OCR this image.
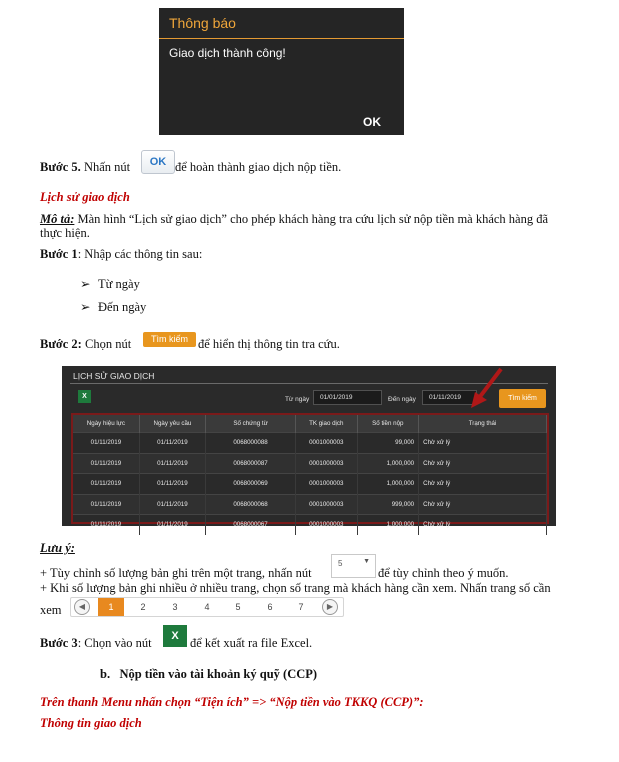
Thông báo
Giao dịch thành công!
OK
Bước 5. Nhấn nút	OK để hoàn thành giao dịch nộp tiền.
Lịch sử giao dịch
Mô tả: Màn hình “Lịch sử giao dịch” cho phép khách hàng tra cứu lịch sử nộp tiền mà khách hàng đã
thực hiện.
Bước 1: Nhập các thông tin sau:
➢ Từ ngày
➢ Đến ngày
Bước 2: Chọn nút	Tìm kiếm để hiển thị thông tin tra cứu.
LỊCH SỬ GIAO DỊCH
X	Từ ngày	01/01/2019	Đến ngày	01/11/2019	Tìm kiếm
Ngày hiệu lực	Ngày yêu cầu	Số chứng từ	TK giao dịch	Số tiền nộp	Trạng thái
01/11/2019	01/11/2019	0068000088	0001000003	99,000	Chờ xử lý
01/11/2019	01/11/2019	0068000087	0001000003	1,000,000	Chờ xử lý
01/11/2019	01/11/2019	0068000069	0001000003	1,000,000	Chờ xử lý
01/11/2019	01/11/2019	0068000068	0001000003	999,000	Chờ xử lý
01/11/2019	01/11/2019	0068000067	0001000003	1,000,000	Chờ xử lý
Lưu ý:
+ Tùy chỉnh số lượng bản ghi trên một trang, nhấn nút
5	▼
để tùy chỉnh theo ý muốn.
+ Khi số lượng bản ghi nhiều ở nhiều trang, chọn số trang mà khách hàng cần xem. Nhấn trang số cần
xem	◀	1	2	3	4	5	6	7	▶
Bước 3: Chọn vào nút	X để kết xuất ra file Excel.
b. Nộp tiền vào tài khoản ký quỹ (CCP)
Trên thanh Menu nhấn chọn “Tiện ích” => “Nộp tiền vào TKKQ (CCP)”:
Thông tin giao dịch
